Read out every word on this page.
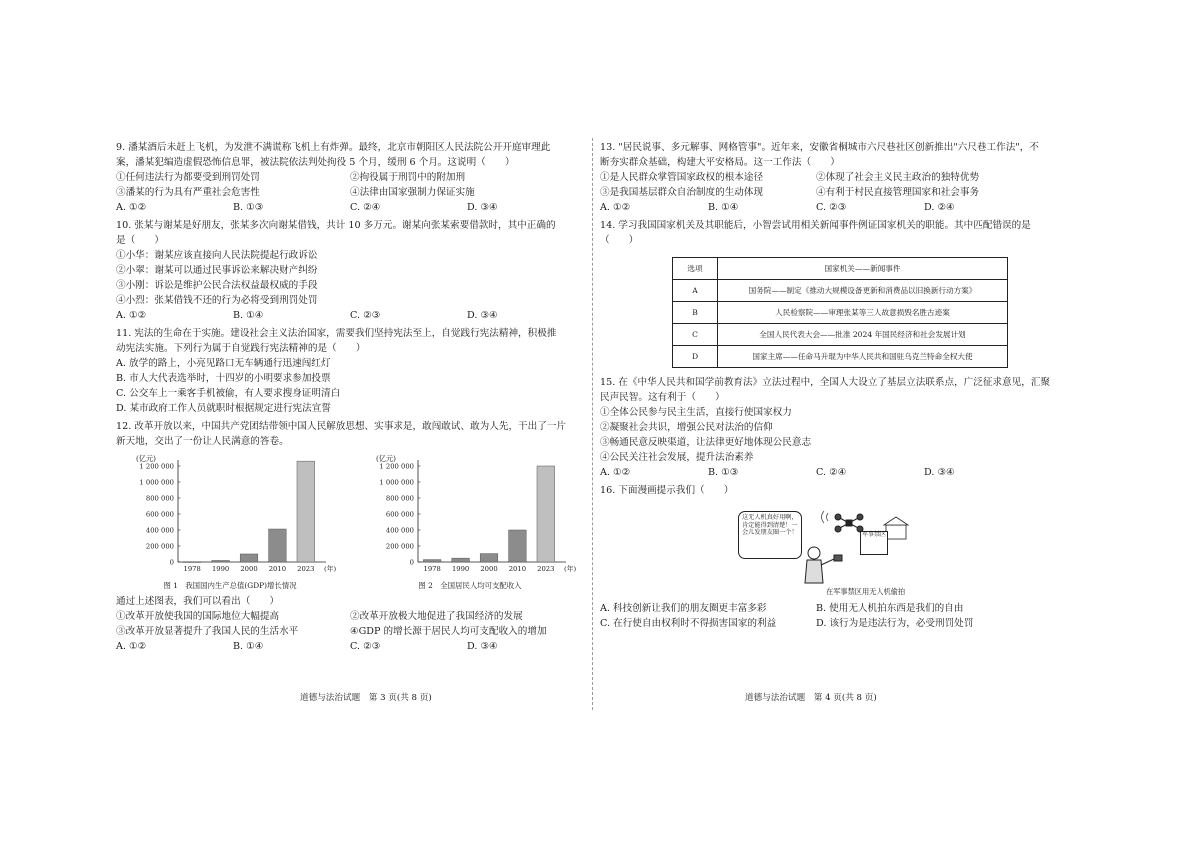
9. 潘某酒后未赶上飞机，为发泄不满谎称飞机上有炸弹。最终，北京市朝阳区人民法院公开开庭审理此
案，潘某犯编造虚假恐怖信息罪，被法院依法判处拘役 5 个月，缓刑 6 个月。这说明（　　）
①任何违法行为都要受到刑罚处罚	②拘役属于刑罚中的附加刑
③潘某的行为具有严重社会危害性	④法律由国家强制力保证实施
A. ①②	B. ①③	C. ②④	D. ③④
10. 张某与谢某是好朋友，张某多次向谢某借钱，共计 10 多万元。谢某向张某索要借款时，其中正确的
是（　　）
①小华：谢某应该直接向人民法院提起行政诉讼
②小翠：谢某可以通过民事诉讼来解决财产纠纷
③小刚：诉讼是维护公民合法权益最权威的手段
④小烈：张某借钱不还的行为必将受到刑罚处罚
A. ①②	B. ①④	C. ②③	D. ③④
11. 宪法的生命在于实施。建设社会主义法治国家，需要我们坚持宪法至上，自觉践行宪法精神，积极推
动宪法实施。下列行为属于自觉践行宪法精神的是（　　）
A. 放学的路上，小亮见路口无车辆通行迅速闯红灯
B. 市人大代表选举时，十四岁的小明要求参加投票
C. 公交车上一乘客手机被偷，有人要求搜身证明清白
D. 某市政府工作人员就职时根据规定进行宪法宣誓
12. 改革开放以来，中国共产党团结带领中国人民解放思想、实事求是，敢闯敢试、敢为人先，干出了一片
新天地，交出了一份让人民满意的答卷。
(亿元)
0
200 000
400 000
600 000
800 000
1 000 000
1 200 000
1978 1990 2000 2010 2023 (年)
图 1　我国国内生产总值(GDP)增长情况
(亿元)
0
200 000
400 000
600 000
800 000
1 000 000
1 200 000
1978 1990 2000 2010 2023 (年)
图 2　全国居民人均可支配收入
通过上述图表，我们可以看出（　　）
①改革开放使我国的国际地位大幅提高	②改革开放极大地促进了我国经济的发展
③改革开放显著提升了我国人民的生活水平	④GDP 的增长源于居民人均可支配收入的增加
A. ①②	B. ①④	C. ②③	D. ③④
13. "居民说事、多元解事、网格管事"。近年来，安徽省桐城市六尺巷社区创新推出"六尺巷工作法"，不
断夯实群众基础，构建大平安格局。这一工作法（　　）
①是人民群众掌管国家政权的根本途径	②体现了社会主义民主政治的独特优势
③是我国基层群众自治制度的生动体现	④有利于村民直接管理国家和社会事务
A. ①②	B. ①④	C. ②③	D. ②④
14. 学习我国国家机关及其职能后，小智尝试用相关新闻事件例证国家机关的职能。其中匹配错误的是
（　　）
选项	国家机关——新闻事件
A	国务院——制定《推动大规模设备更新和消费品以旧换新行动方案》
B	人民检察院——审理张某等三人故意损毁名胜古迹案
C	全国人民代表大会——批准 2024 年国民经济和社会发展计划
D	国家主席——任命马升琨为中华人民共和国驻乌克兰特命全权大使
15. 在《中华人民共和国学前教育法》立法过程中，全国人大设立了基层立法联系点，广泛征求意见，汇聚
民声民智。这有利于（　　）
①全体公民参与民主生活，直接行使国家权力
②凝聚社会共识，增强公民对法治的信仰
③畅通民意反映渠道，让法律更好地体现公民意志
④公民关注社会发展，提升法治素养
A. ①②	B. ①③	C. ②④	D. ③④
16. 下面漫画提示我们（　　）
这无人机真好用啊，肯定能得到清楚！一会儿发朋友圈一个！	军事禁区
在军事禁区用无人机偷拍
A. 科技创新让我们的朋友圈更丰富多彩	B. 使用无人机拍东西是我们的自由
C. 在行使自由权利时不得损害国家的利益	D. 该行为是违法行为，必受刑罚处罚
道德与法治试题　第 3 页(共 8 页)	道德与法治试题　第 4 页(共 8 页)
